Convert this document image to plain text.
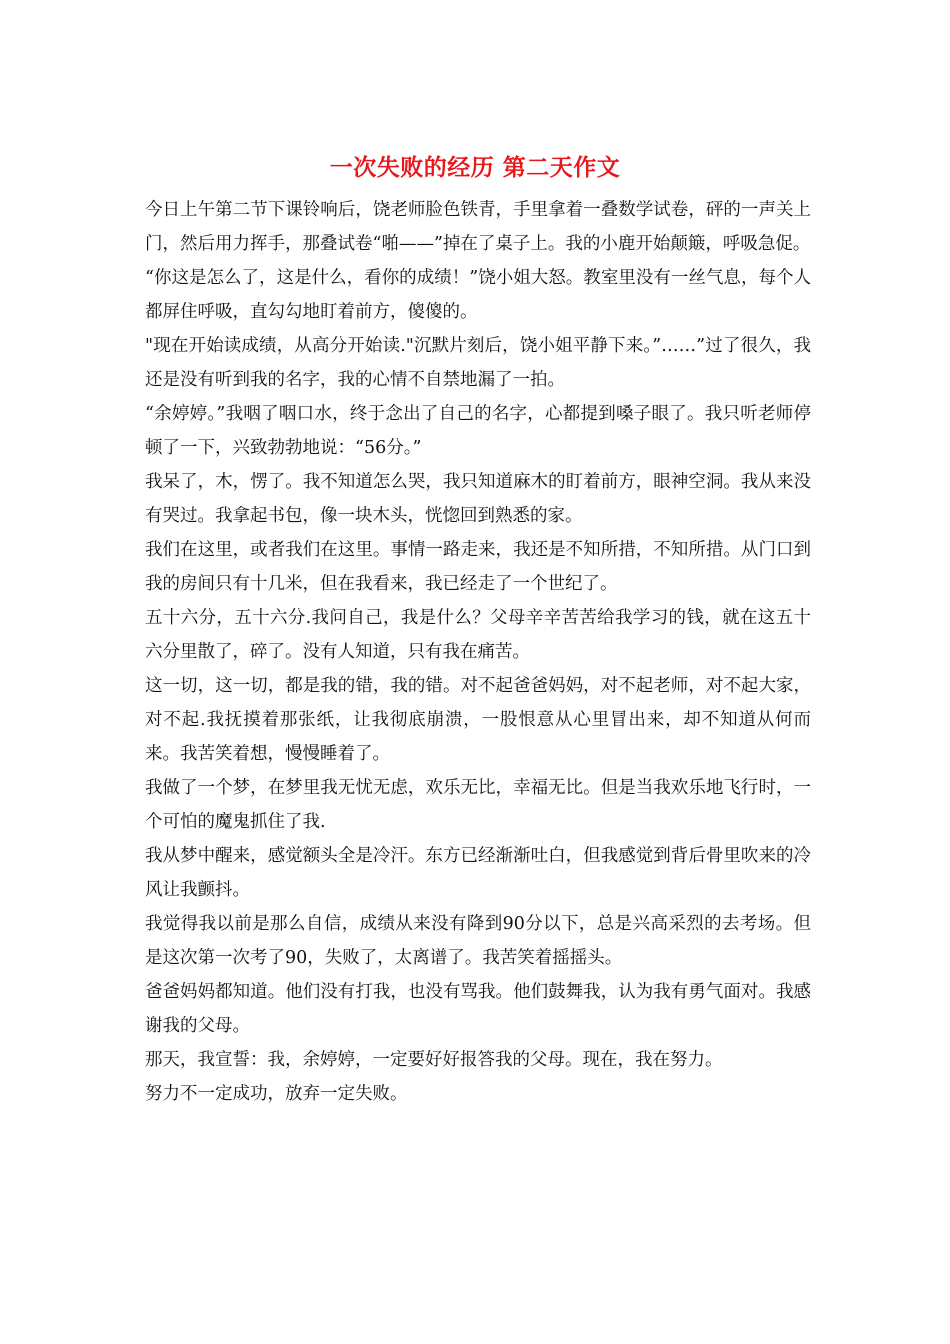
一次失败的经历 第二天作文

今日上午第二节下课铃响后，饶老师脸色铁青，手里拿着一叠数学试卷，砰的一声关上门，然后用力挥手，那叠试卷“啪——”掉在了桌子上。我的小鹿开始颠簸，呼吸急促。

“你这是怎么了，这是什么，看你的成绩！”饶小姐大怒。教室里没有一丝气息，每个人都屏住呼吸，直勾勾地盯着前方，傻傻的。

"现在开始读成绩，从高分开始读."沉默片刻后，饶小姐平静下来。”……”过了很久，我还是没有听到我的名字，我的心情不自禁地漏了一拍。

“余婷婷。”我咽了咽口水，终于念出了自己的名字，心都提到嗓子眼了。我只听老师停顿了一下，兴致勃勃地说：“56分。”

我呆了，木，愣了。我不知道怎么哭，我只知道麻木的盯着前方，眼神空洞。我从来没有哭过。我拿起书包，像一块木头，恍惚回到熟悉的家。

我们在这里，或者我们在这里。事情一路走来，我还是不知所措，不知所措。从门口到我的房间只有十几米，但在我看来，我已经走了一个世纪了。

五十六分，五十六分.我问自己，我是什么？父母辛辛苦苦给我学习的钱，就在这五十六分里散了，碎了。没有人知道，只有我在痛苦。

这一切，这一切，都是我的错，我的错。对不起爸爸妈妈，对不起老师，对不起大家，对不起.我抚摸着那张纸，让我彻底崩溃，一股恨意从心里冒出来，却不知道从何而来。我苦笑着想，慢慢睡着了。

我做了一个梦，在梦里我无忧无虑，欢乐无比，幸福无比。但是当我欢乐地飞行时，一个可怕的魔鬼抓住了我.

我从梦中醒来，感觉额头全是冷汗。东方已经渐渐吐白，但我感觉到背后骨里吹来的冷风让我颤抖。

我觉得我以前是那么自信，成绩从来没有降到90分以下，总是兴高采烈的去考场。但是这次第一次考了90，失败了，太离谱了。我苦笑着摇摇头。

爸爸妈妈都知道。他们没有打我，也没有骂我。他们鼓舞我，认为我有勇气面对。我感谢我的父母。

那天，我宣誓：我，余婷婷，一定要好好报答我的父母。现在，我在努力。

努力不一定成功，放弃一定失败。
